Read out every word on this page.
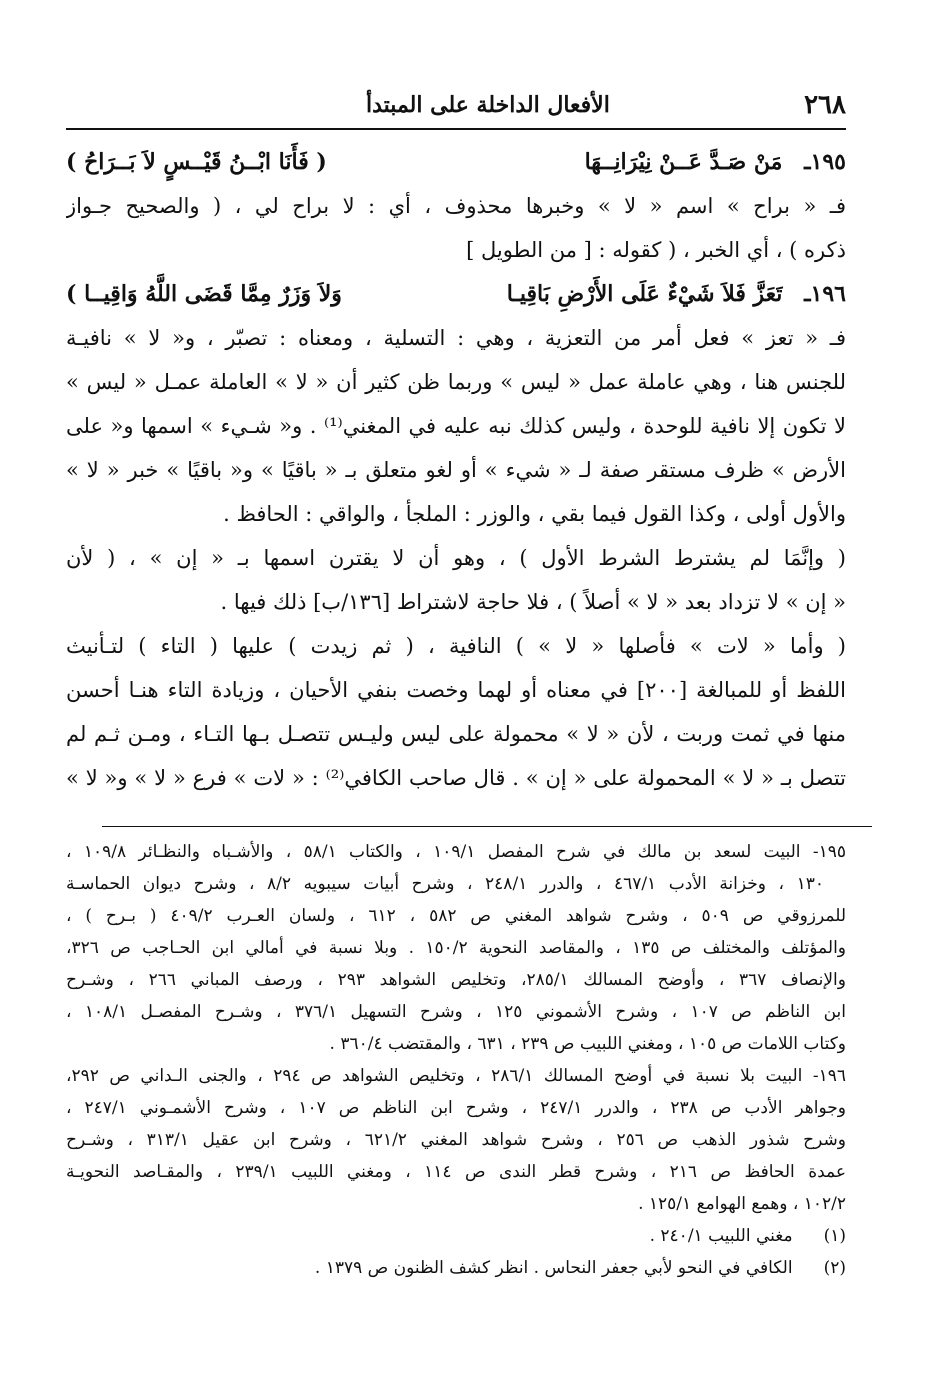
٢٦٨
الأفعال الداخلة على المبتدأ
١٩٥ـ مَنْ صَـدَّ عَــنْ نِيْرَانِــهَا
( فَأَنَا ابْــنُ قَيْــسٍ لاَ بَــرَاحُ )
فـ « براح » اسم « لا » وخبرها محذوف ، أي : لا براح لي ، ( والصحيح جـواز
ذكره ) ، أي الخبر ، ( كقوله : [ من الطويل ]
١٩٦ـ تَعَزَّ فَلاَ شَيْءٌ عَلَى الأَرْضِ بَاقِيـا
وَلاَ وَزَرٌ مِمَّا قَضَى اللَّهُ وَاقِيــا )
فـ « تعز » فعل أمر من التعزية ، وهي : التسلية ، ومعناه : تصبّر ، و« لا » نافيـة
للجنس هنا ، وهي عاملة عمل « ليس » وربما ظن كثير أن « لا » العاملة عمـل « ليس »
لا تكون إلا نافية للوحدة ، وليس كذلك نبه عليه في المغني⁽¹⁾ . و« شـيء » اسمها و« على
الأرض » ظرف مستقر صفة لـ « شيء » أو لغو متعلق بـ « باقيًا » و« باقيًا » خبر « لا »
والأول أولى ، وكذا القول فيما بقي ، والوزر : الملجأ ، والواقي : الحافظ .
( وإنَّمَا لم يشترط الشرط الأول ) ، وهو أن لا يقترن اسمها بـ « إن » ، ( لأن
« إن » لا تزداد بعد « لا » أصلاً ) ، فلا حاجة لاشتراط [١٣٦/ب] ذلك فيها .
( وأما « لات » فأصلها « لا » ) النافية ، ( ثم زيدت ) عليها ( التاء ) لتـأنيث
اللفظ أو للمبالغة [٢٠٠] في معناه أو لهما وخصت بنفي الأحيان ، وزيادة التاء هنـا أحسن
منها في ثمت وربت ، لأن « لا » محمولة على ليس وليـس تتصـل بـها التـاء ، ومـن ثـم لم
تتصل بـ « لا » المحمولة على « إن » . قال صاحب الكافي⁽²⁾ : « لات » فرع « لا » و« لا »
١٩٥- البيت لسعد بن مالك في شرح المفصل ١٠٩/١ ، والكتاب ٥٨/١ ، والأشـباه والنظـائر ١٠٩/٨ ،
١٣٠ ، وخزانة الأدب ٤٦٧/١ ، والدرر ٢٤٨/١ ، وشرح أبيات سيبويه ٨/٢ ، وشرح ديوان الحماسـة
للمرزوقي ص ٥٠٩ ، وشرح شواهد المغني ص ٥٨٢ ، ٦١٢ ، ولسان العـرب ٤٠٩/٢ ( بـرح ) ،
والمؤتلف والمختلف ص ١٣٥ ، والمقاصد النحوية ١٥٠/٢ . وبلا نسبة في أمالي ابن الحـاجب ص ٣٢٦،
والإنصاف ٣٦٧ ، وأوضح المسالك ٢٨٥/١، وتخليص الشواهد ٢٩٣ ، ورصف المباني ٢٦٦ ، وشـرح
ابن الناظم ص ١٠٧ ، وشرح الأشموني ١٢٥ ، وشرح التسهيل ٣٧٦/١ ، وشـرح المفصـل ١٠٨/١ ،
وكتاب اللامات ص ١٠٥ ، ومغني اللبيب ص ٢٣٩ ، ٦٣١ ، والمقتضب ٣٦٠/٤ .
١٩٦- البيت بلا نسبة في أوضح المسالك ٢٨٦/١ ، وتخليص الشواهد ص ٢٩٤ ، والجنى الـداني ص ٢٩٢،
وجواهر الأدب ص ٢٣٨ ، والدرر ٢٤٧/١ ، وشرح ابن الناظم ص ١٠٧ ، وشرح الأشمـوني ٢٤٧/١ ،
وشرح شذور الذهب ص ٢٥٦ ، وشرح شواهد المغني ٦٢١/٢ ، وشرح ابن عقيل ٣١٣/١ ، وشـرح
عمدة الحافظ ص ٢١٦ ، وشرح قطر الندى ص ١١٤ ، ومغني اللبيب ٢٣٩/١ ، والمقـاصد النحويـة
١٠٢/٢ ، وهمع الهوامع ١٢٥/١ .
(١) مغني اللبيب ٢٤٠/١ .
(٢) الكافي في النحو لأبي جعفر النحاس . انظر كشف الظنون ص ١٣٧٩ .
